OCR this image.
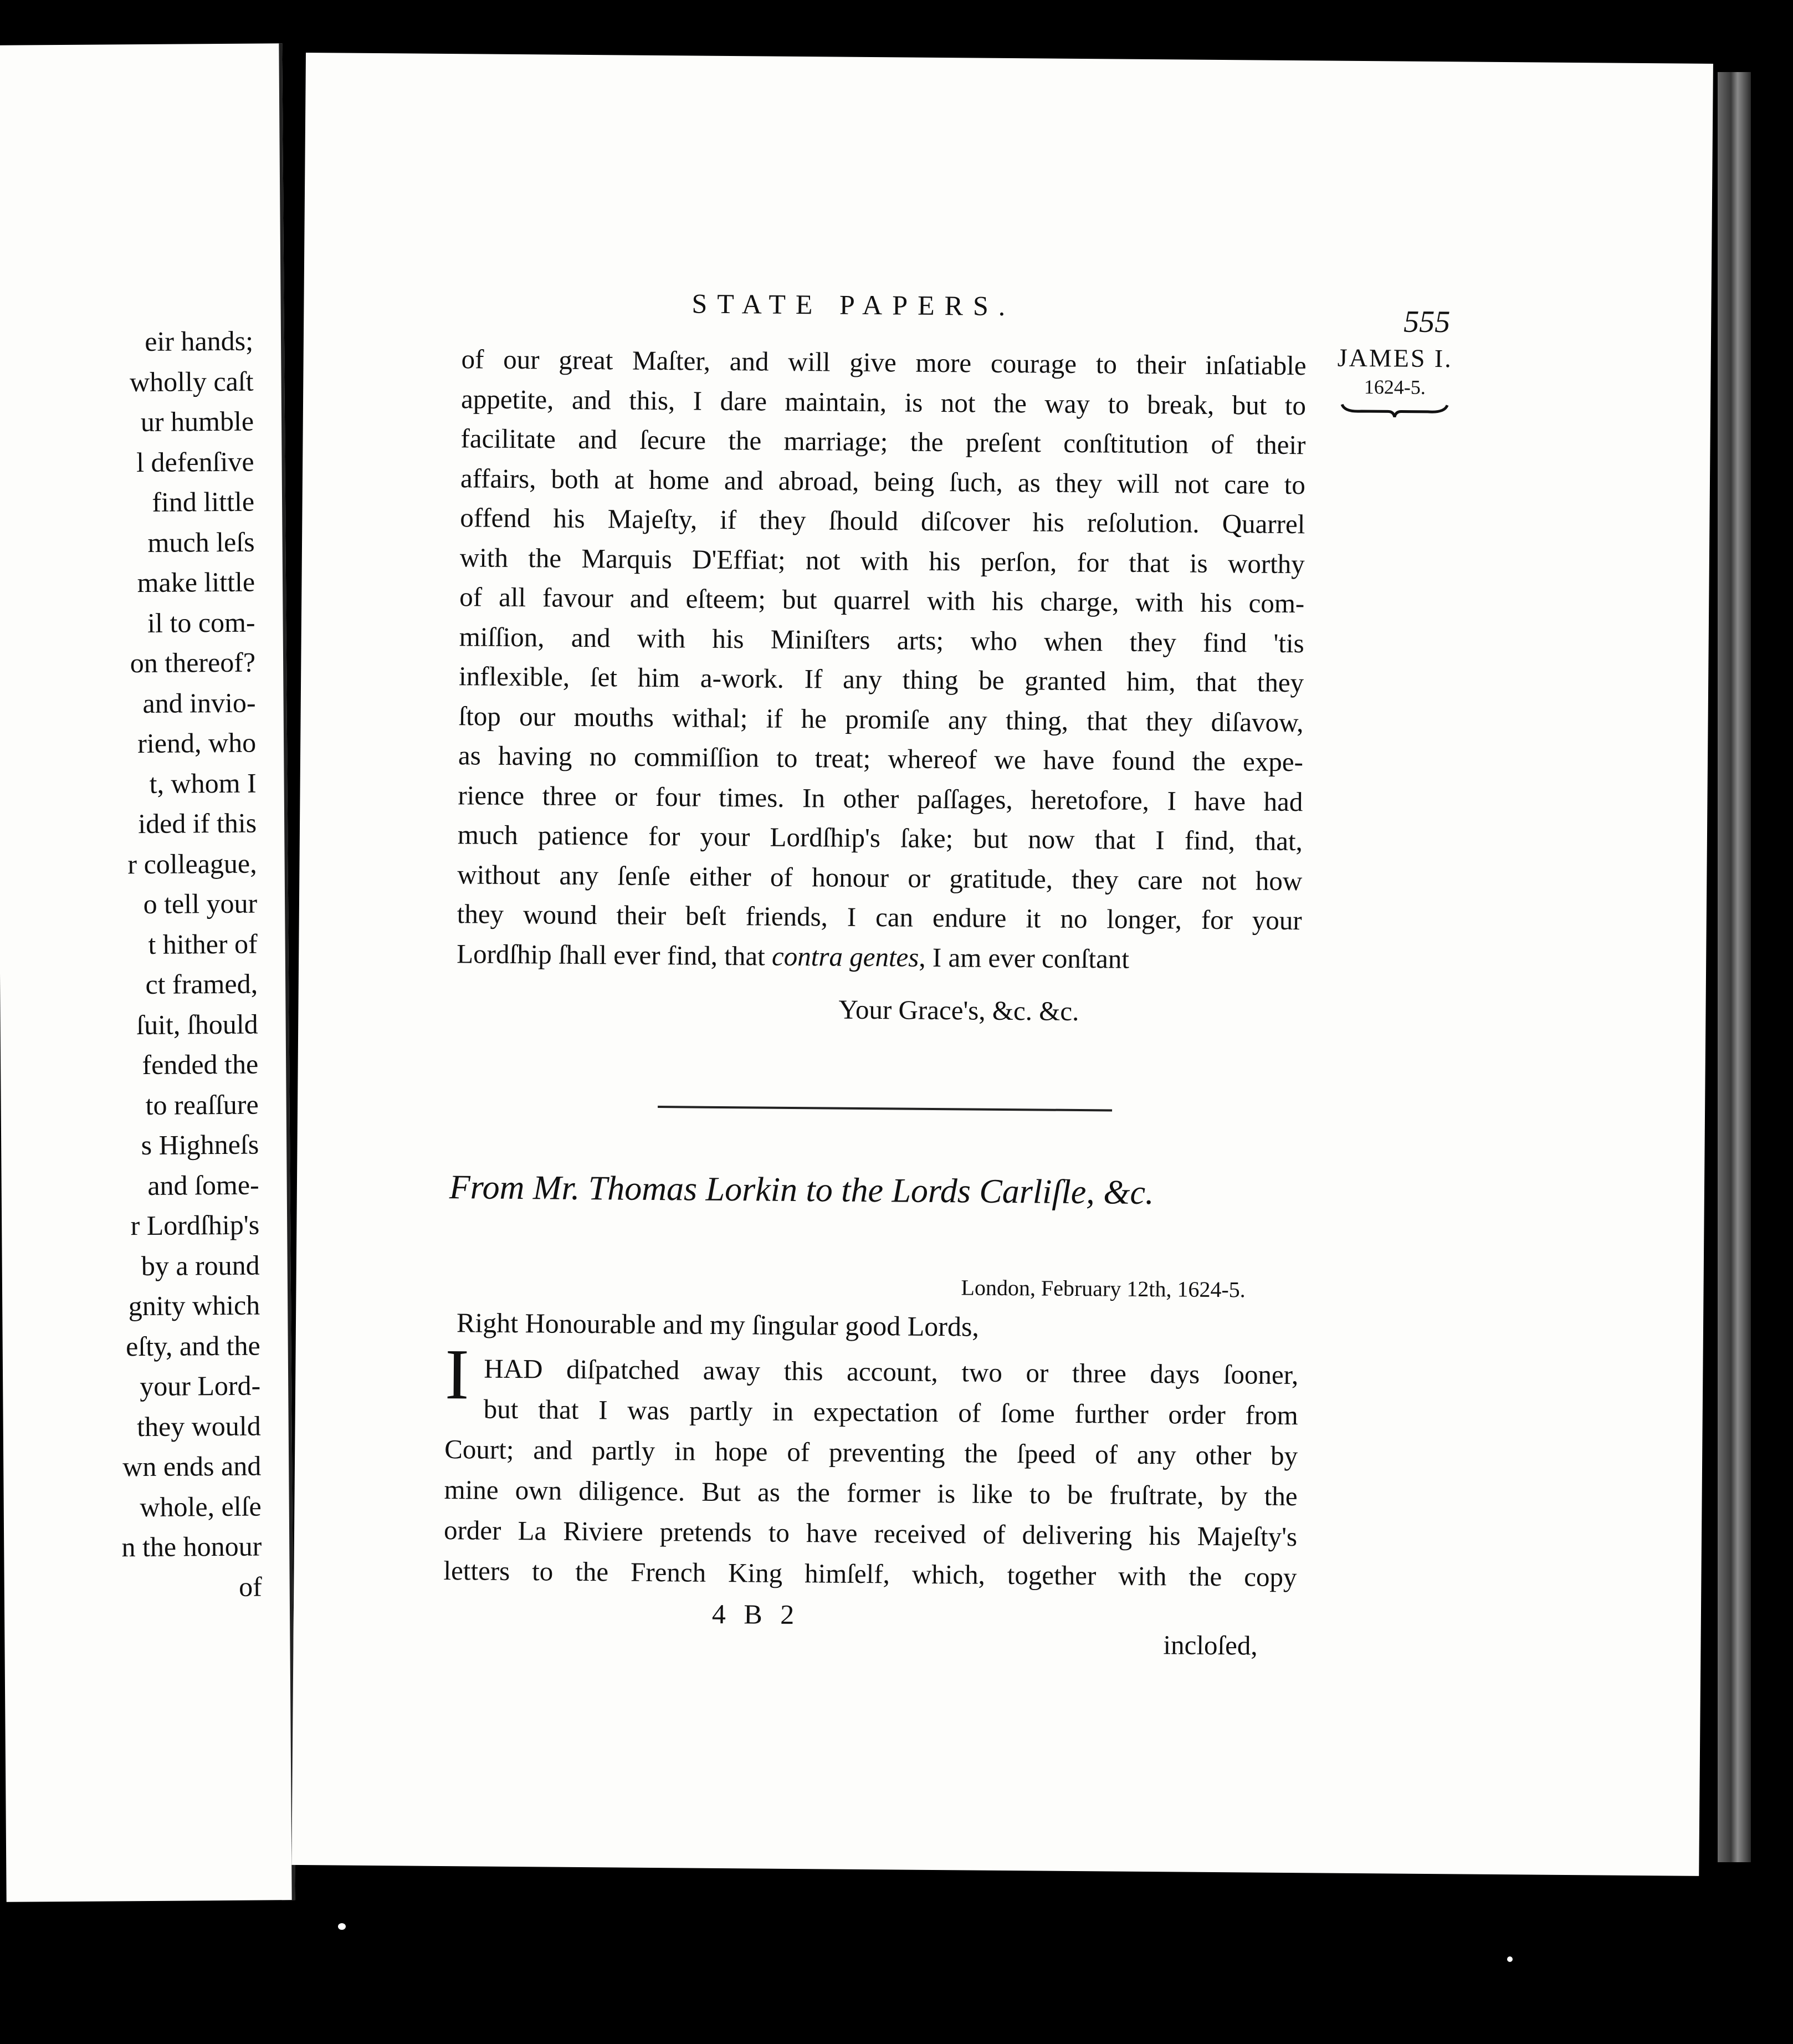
eir hands;
wholly caſt
ur humble
l defenſive
find little
much leſs
make little
il to com-
on thereof?
and invio-
riend, who
t, whom I
ided if this
r colleague,
o tell your
t hither of
ct framed,
ſuit, ſhould
fended the
to reaſſure
s Highneſs
and ſome-
r Lordſhip's
by a round
gnity which
eſty, and the
your Lord-
they would
wn ends and
whole, elſe
n the honour
of
STATE PAPERS.	555
JAMES I.
1624-5.
of our great Maſter, and will give more courage to their inſatiable
appetite, and this, I dare maintain, is not the way to break, but to
facilitate and ſecure the marriage; the preſent conſtitution of their
affairs, both at home and abroad, being ſuch, as they will not care to
offend his Majeſty, if they ſhould diſcover his reſolution. Quarrel
with the Marquis D'Effiat; not with his perſon, for that is worthy
of all favour and eſteem; but quarrel with his charge, with his com-
miſſion, and with his Miniſters arts; who when they find 'tis
inflexible, ſet him a-work. If any thing be granted him, that they
ſtop our mouths withal; if he promiſe any thing, that they diſavow,
as having no commiſſion to treat; whereof we have found the expe-
rience three or four times. In other paſſages, heretofore, I have had
much patience for your Lordſhip's ſake; but now that I find, that,
without any ſenſe either of honour or gratitude, they care not how
they wound their beſt friends, I can endure it no longer, for your
Lordſhip ſhall ever find, that contra gentes, I am ever conſtant
Your Grace's, &c. &c.
From Mr. Thomas Lorkin to the Lords Carliſle, &c.
London, February 12th, 1624-5.
Right Honourable and my ſingular good Lords,
I HAD diſpatched away this account, two or three days ſooner,
but that I was partly in expectation of ſome further order from
Court; and partly in hope of preventing the ſpeed of any other by
mine own diligence. But as the former is like to be fruſtrate, by the
order La Riviere pretends to have received of delivering his Majeſty's
letters to the French King himſelf, which, together with the copy
4 B 2
incloſed,
